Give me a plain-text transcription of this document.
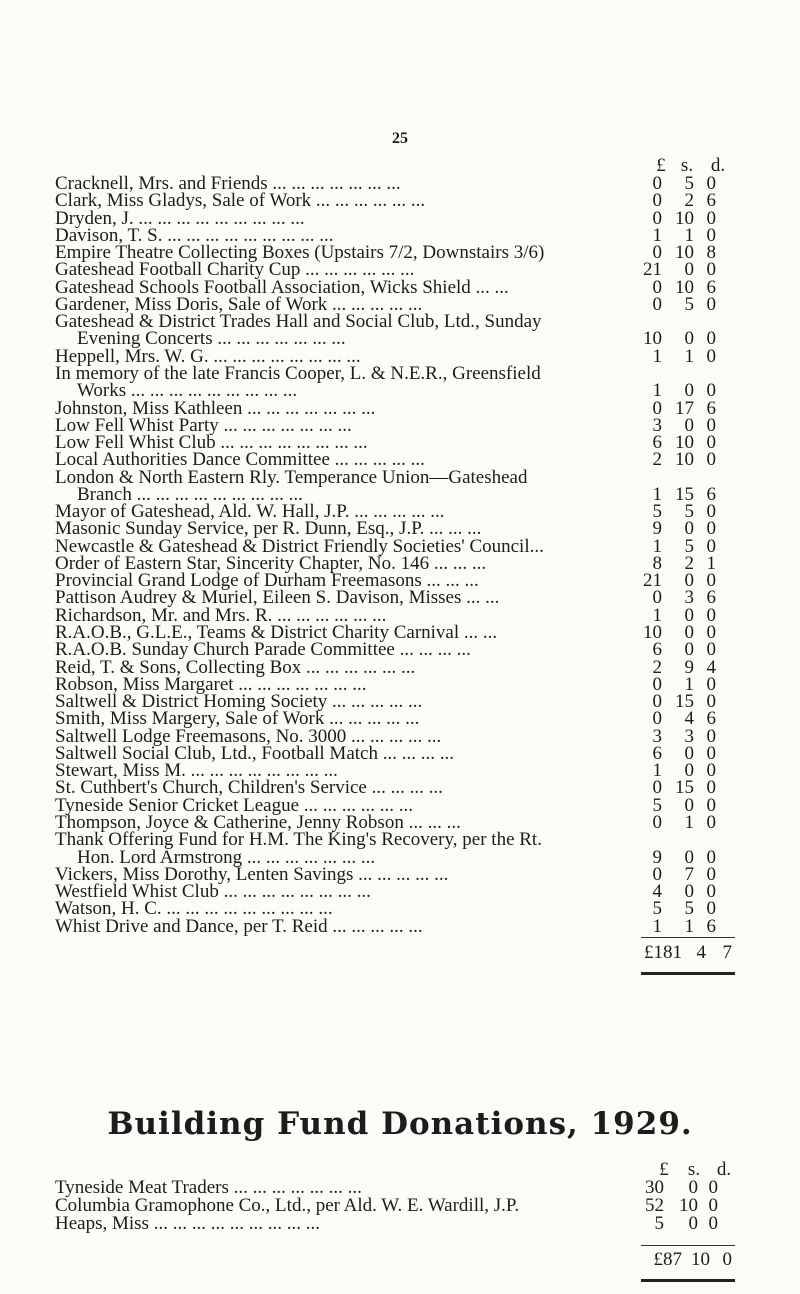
25
£ s. d.
Cracknell, Mrs. and Friends ... ... ... ... ... ... ...	0	5 0
Clark, Miss Gladys, Sale of Work ... ... ... ... ... ...	0	2 6
Dryden, J. ... ... ... ... ... ... ... ... ...	0 10 0
Davison, T. S. ... ... ... ... ... ... ... ... ...	1	1 0
Empire Theatre Collecting Boxes (Upstairs 7/2, Downstairs 3/6)	0 10 8
Gateshead Football Charity Cup ... ... ... ... ... ...	21	0 0
Gateshead Schools Football Association, Wicks Shield ... ...	0 10 6
Gardener, Miss Doris, Sale of Work ... ... ... ... ...	0	5 0
Gateshead & District Trades Hall and Social Club, Ltd., Sunday
Evening Concerts ... ... ... ... ... ... ...	10	0 0
Heppell, Mrs. W. G. ... ... ... ... ... ... ... ...	1	1 0
In memory of the late Francis Cooper, L. & N.E.R., Greensfield
Works ... ... ... ... ... ... ... ... ...	1	0 0
Johnston, Miss Kathleen ... ... ... ... ... ... ...	0 17 6
Low Fell Whist Party ... ... ... ... ... ... ...	3	0 0
Low Fell Whist Club ... ... ... ... ... ... ... ...	6 10 0
Local Authorities Dance Committee ... ... ... ... ...	2 10 0
London & North Eastern Rly. Temperance Union—Gateshead
Branch ... ... ... ... ... ... ... ... ...	1 15 6
Mayor of Gateshead, Ald. W. Hall, J.P. ... ... ... ... ...	5	5 0
Masonic Sunday Service, per R. Dunn, Esq., J.P. ... ... ...	9	0 0
Newcastle & Gateshead & District Friendly Societies' Council...	1	5 0
Order of Eastern Star, Sincerity Chapter, No. 146 ... ... ...	8	2 1
Provincial Grand Lodge of Durham Freemasons ... ... ...	21	0 0
Pattison Audrey & Muriel, Eileen S. Davison, Misses ... ...	0	3 6
Richardson, Mr. and Mrs. R. ... ... ... ... ... ...	1	0 0
R.A.O.B., G.L.E., Teams & District Charity Carnival ... ...	10	0 0
R.A.O.B. Sunday Church Parade Committee ... ... ... ...	6	0 0
Reid, T. & Sons, Collecting Box ... ... ... ... ... ...	2	9 4
Robson, Miss Margaret ... ... ... ... ... ... ...	0	1 0
Saltwell & District Homing Society ... ... ... ... ...	0 15 0
Smith, Miss Margery, Sale of Work ... ... ... ... ...	0	4 6
Saltwell Lodge Freemasons, No. 3000 ... ... ... ... ...	3	3 0
Saltwell Social Club, Ltd., Football Match ... ... ... ...	6	0 0
Stewart, Miss M. ... ... ... ... ... ... ... ...	1	0 0
St. Cuthbert's Church, Children's Service ... ... ... ...	0 15 0
Tyneside Senior Cricket League ... ... ... ... ... ...	5	0 0
Thompson, Joyce & Catherine, Jenny Robson ... ... ...	0	1 0
Thank Offering Fund for H.M. The King's Recovery, per the Rt.
Hon. Lord Armstrong ... ... ... ... ... ... ...	9	0 0
Vickers, Miss Dorothy, Lenten Savings ... ... ... ... ...	0	7 0
Westfield Whist Club ... ... ... ... ... ... ... ...	4	0 0
Watson, H. C. ... ... ... ... ... ... ... ... ...	5	5 0
Whist Drive and Dance, per T. Reid ... ... ... ... ...	1	1 6
£181 4 7
Building Fund Donations, 1929.
£	s. d.
Tyneside Meat Traders ... ... ... ... ... ... ...	30	0 0
Columbia Gramophone Co., Ltd., per Ald. W. E. Wardill, J.P.	52 10 0
Heaps, Miss ... ... ... ... ... ... ... ... ...	5	0 0
£87 10 0
